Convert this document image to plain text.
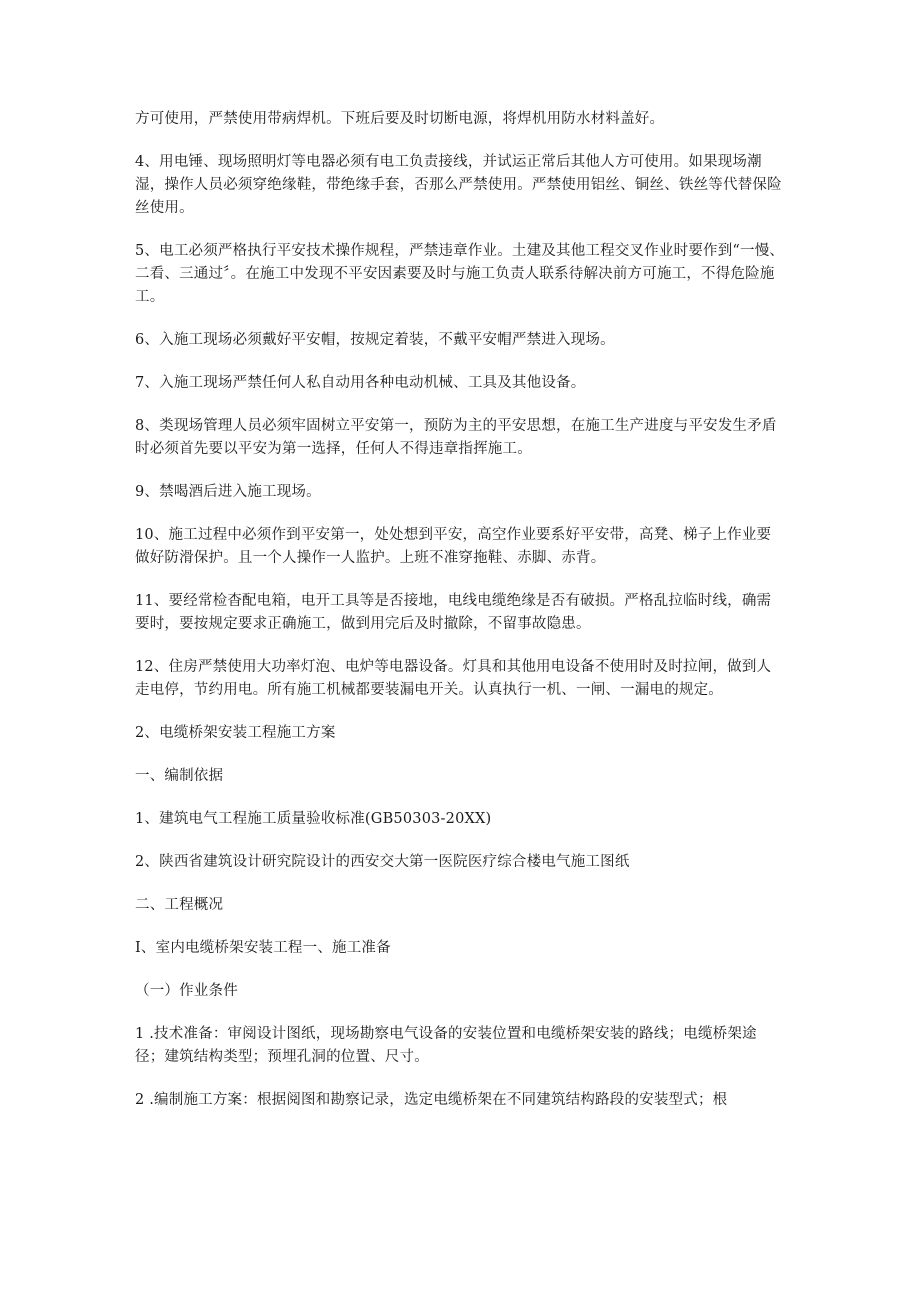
方可使用，严禁使用带病焊机。下班后要及时切断电源，将焊机用防水材料盖好。

4、用电锤、现场照明灯等电器必须有电工负责接线，并试运正常后其他人方可使用。如果现场潮湿，操作人员必须穿绝缘鞋，带绝缘手套，否那么严禁使用。严禁使用铝丝、铜丝、铁丝等代替保险丝使用。

5、电工必须严格执行平安技术操作规程，严禁违章作业。土建及其他工程交叉作业时要作到“一慢、二看、三通过〞。在施工中发现不平安因素要及时与施工负责人联系待解决前方可施工，不得危险施工。

6、入施工现场必须戴好平安帽，按规定着装，不戴平安帽严禁进入现场。

7、入施工现场严禁任何人私自动用各种电动机械、工具及其他设备。

8、类现场管理人员必须牢固树立平安第一，预防为主的平安思想，在施工生产进度与平安发生矛盾时必须首先要以平安为第一选择，任何人不得违章指挥施工。

9、禁喝酒后进入施工现场。

10、施工过程中必须作到平安第一，处处想到平安，高空作业要系好平安带，高凳、梯子上作业要做好防滑保护。且一个人操作一人监护。上班不准穿拖鞋、赤脚、赤背。

11、要经常检杳配电箱，电开工具等是否接地，电线电缆绝缘是否有破损。严格乱拉临时线，确需要时，要按规定要求正确施工，做到用完后及时撤除，不留事故隐患。

12、住房严禁使用大功率灯泡、电炉等电器设备。灯具和其他用电设备不使用时及时拉闸，做到人走电停，节约用电。所有施工机械都要装漏电开关。认真执行一机、一闸、一漏电的规定。

2、电缆桥架安装工程施工方案

一、编制依据

1、建筑电气工程施工质量验收标准(GB50303-20XX)

2、陕西省建筑设计研究院设计的西安交大第一医院医疗综合楼电气施工图纸

二、工程概况

I、室内电缆桥架安装工程一、施工准备

（一）作业条件

1 .技术准备：审阅设计图纸，现场勘察电气设备的安装位置和电缆桥架安装的路线；电缆桥架途径；建筑结构类型；预埋孔洞的位置、尺寸。

2 .编制施工方案：根据阅图和勘察记录，选定电缆桥架在不同建筑结构路段的安装型式；根
